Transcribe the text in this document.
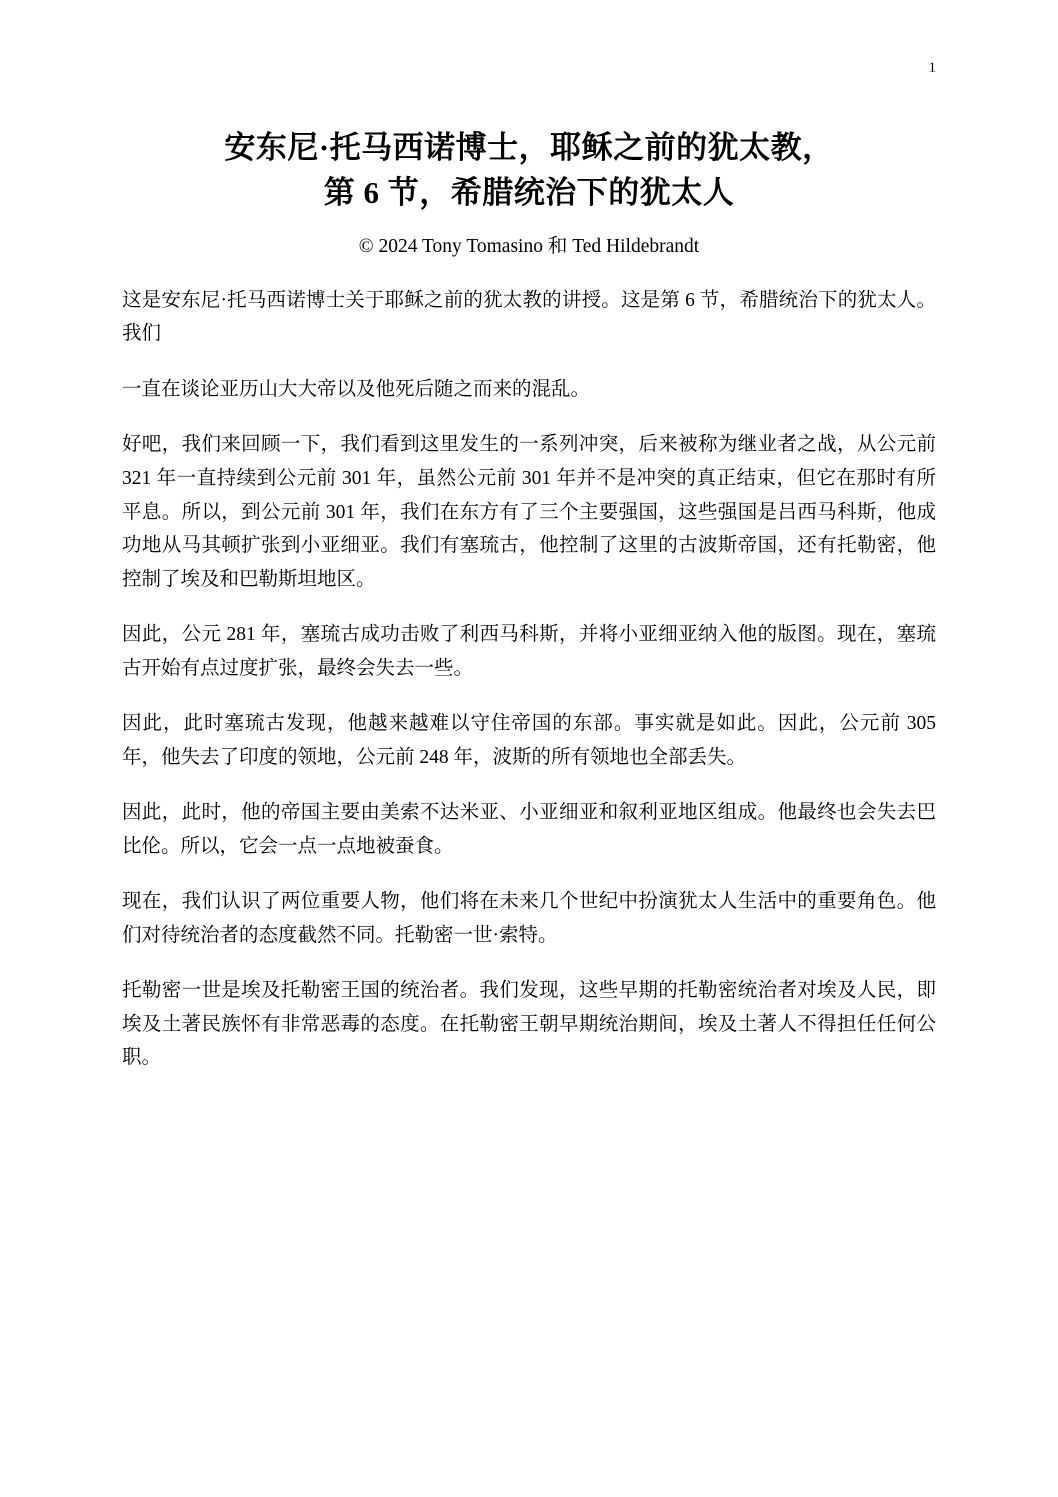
1
安东尼·托马西诺博士，耶稣之前的犹太教，
第 6 节，希腊统治下的犹太人
© 2024 Tony Tomasino 和 Ted Hildebrandt

这是安东尼·托马西诺博士关于耶稣之前的犹太教的讲授。这是第 6 节，希腊统治下的犹太人。我们

一直在谈论亚历山大大帝以及他死后随之而来的混乱。

好吧，我们来回顾一下，我们看到这里发生的一系列冲突，后来被称为继业者之战，从公元前 321 年一直持续到公元前 301 年，虽然公元前 301 年并不是冲突的真正结束，但它在那时有所平息。所以，到公元前 301 年，我们在东方有了三个主要强国，这些强国是吕西马科斯，他成功地从马其顿扩张到小亚细亚。我们有塞琉古，他控制了这里的古波斯帝国，还有托勒密，他控制了埃及和巴勒斯坦地区。

因此，公元 281 年，塞琉古成功击败了利西马科斯，并将小亚细亚纳入他的版图。现在，塞琉古开始有点过度扩张，最终会失去一些。

因此，此时塞琉古发现，他越来越难以守住帝国的东部。事实就是如此。因此，公元前 305 年，他失去了印度的领地，公元前 248 年，波斯的所有领地也全部丢失。

因此，此时，他的帝国主要由美索不达米亚、小亚细亚和叙利亚地区组成。他最终也会失去巴比伦。所以，它会一点一点地被蚕食。

现在，我们认识了两位重要人物，他们将在未来几个世纪中扮演犹太人生活中的重要角色。他们对待统治者的态度截然不同。托勒密一世·索特。

托勒密一世是埃及托勒密王国的统治者。我们发现，这些早期的托勒密统治者对埃及人民，即埃及土著民族怀有非常恶毒的态度。在托勒密王朝早期统治期间，埃及土著人不得担任任何公职。
